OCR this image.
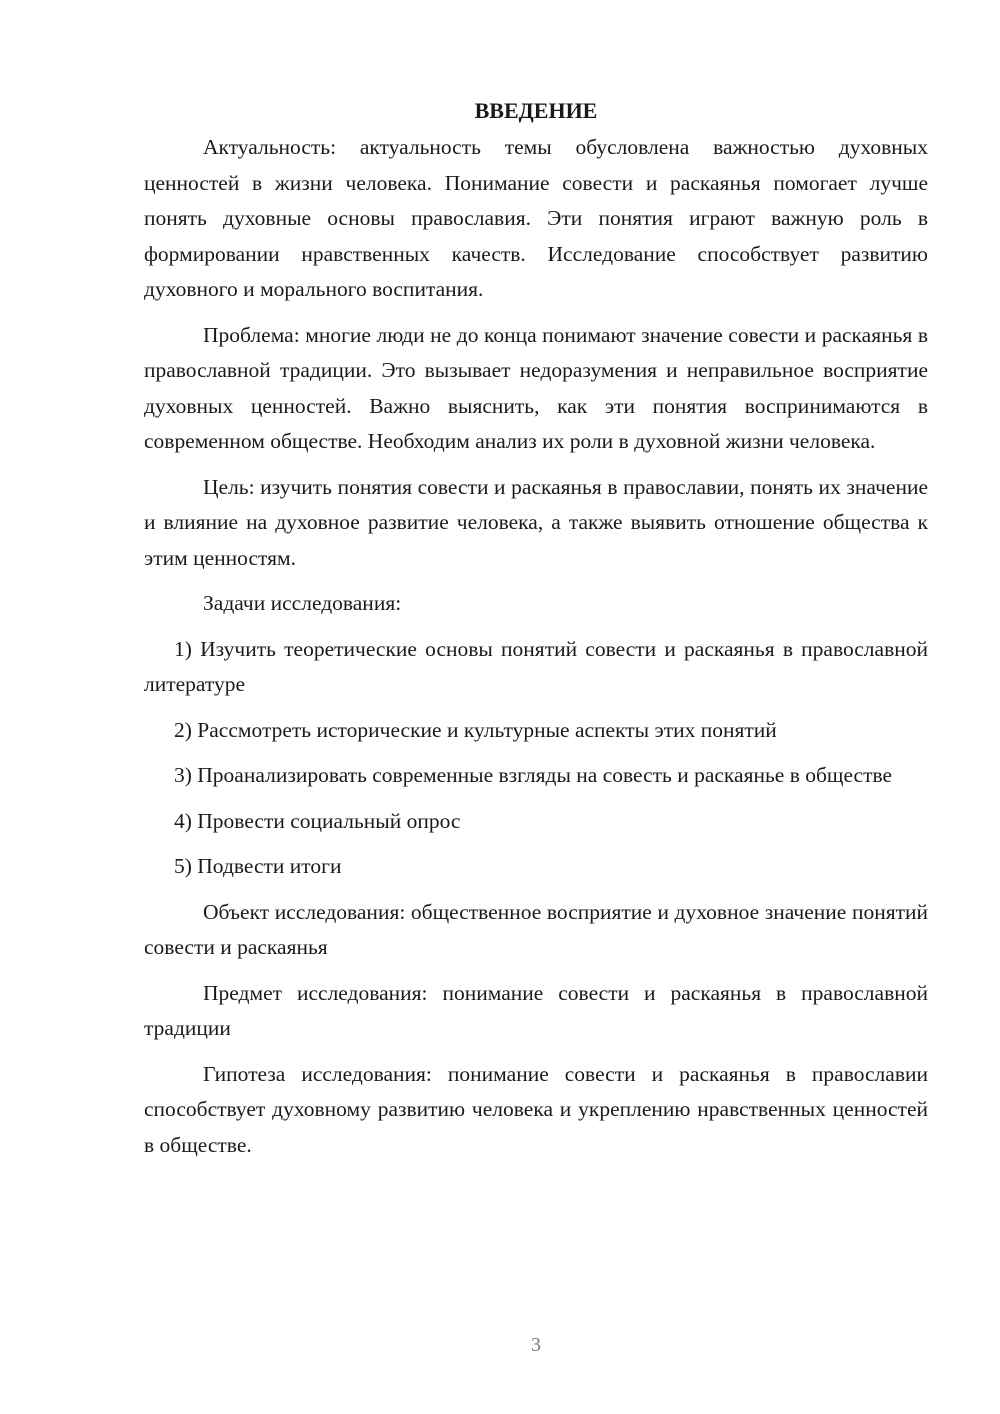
ВВЕДЕНИЕ

Актуальность: актуальность темы обусловлена важностью духовных ценностей в жизни человека. Понимание совести и раскаянья помогает лучше понять духовные основы православия. Эти понятия играют важную роль в формировании нравственных качеств. Исследование способствует развитию духовного и морального воспитания.

Проблема: многие люди не до конца понимают значение совести и раскаянья в православной традиции. Это вызывает недоразумения и неправильное восприятие духовных ценностей. Важно выяснить, как эти понятия воспринимаются в современном обществе. Необходим анализ их роли в духовной жизни человека.

Цель: изучить понятия совести и раскаянья в православии, понять их значение и влияние на духовное развитие человека, а также выявить отношение общества к этим ценностям.

Задачи исследования:

1) Изучить теоретические основы понятий совести и раскаянья в православной литературе

2) Рассмотреть исторические и культурные аспекты этих понятий

3) Проанализировать современные взгляды на совесть и раскаянье в обществе

4) Провести социальный опрос

5) Подвести итоги

Объект исследования: общественное восприятие и духовное значение понятий совести и раскаянья

Предмет исследования: понимание совести и раскаянья в православной традиции

Гипотеза исследования: понимание совести и раскаянья в православии способствует духовному развитию человека и укреплению нравственных ценностей в обществе.

3
